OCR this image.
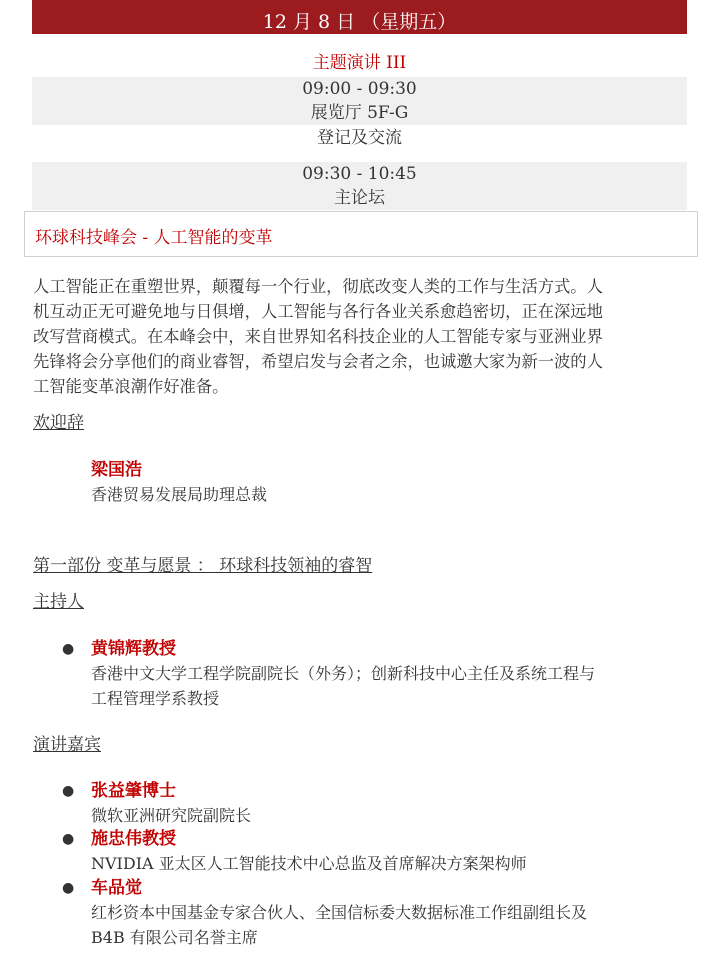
12 月 8 日 （星期五）
主题演讲 III
09:00 - 09:30
展览厅 5F-G
登记及交流
09:30 - 10:45
主论坛
环球科技峰会 - 人工智能的变革

人工智能正在重塑世界，颠覆每一个行业，彻底改变人类的工作与生活方式。人
机互动正无可避免地与日俱增，人工智能与各行各业关系愈趋密切，正在深远地
改写营商模式。在本峰会中，来自世界知名科技企业的人工智能专家与亚洲业界
先锋将会分享他们的商业睿智，希望启发与会者之余，也诚邀大家为新一波的人
工智能变革浪潮作好准备。

欢迎辞
梁国浩
香港贸易发展局助理总裁
第一部份 变革与愿景 ： 环球科技领袖的睿智
主持人
● 黄锦辉教授
香港中文大学工程学院副院长（外务）；创新科技中心主任及系统工程与
工程管理学系教授
演讲嘉宾
● 张益肇博士
微软亚洲研究院副院长
● 施忠伟教授
NVIDIA 亚太区人工智能技术中心总监及首席解决方案架构师
● 车品觉
红杉资本中国基金专家合伙人、全国信标委大数据标准工作组副组长及
B4B 有限公司名誉主席
